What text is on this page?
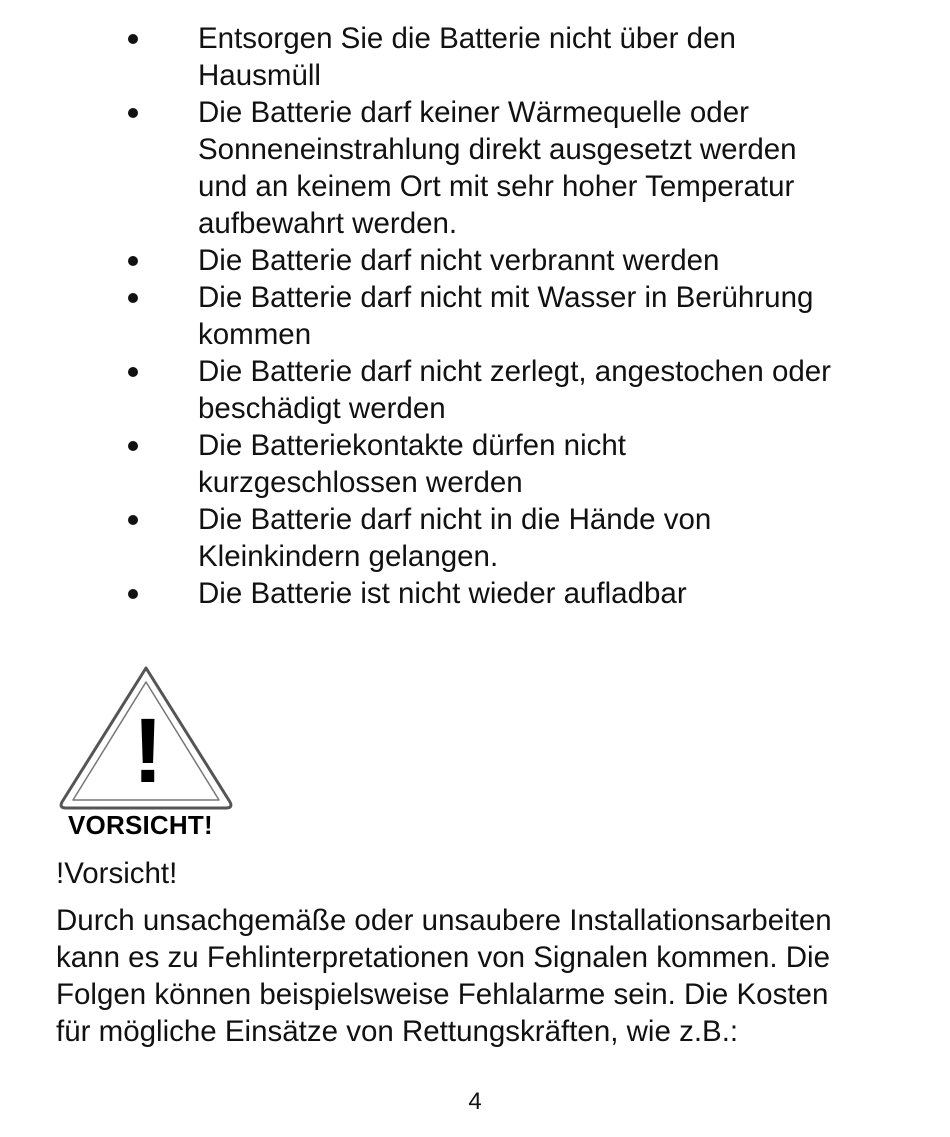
Entsorgen Sie die Batterie nicht über den
Hausmüll
Die Batterie darf keiner Wärmequelle oder
Sonneneinstrahlung direkt ausgesetzt werden
und an keinem Ort mit sehr hoher Temperatur
aufbewahrt werden.
Die Batterie darf nicht verbrannt werden
Die Batterie darf nicht mit Wasser in Berührung
kommen
Die Batterie darf nicht zerlegt, angestochen oder
beschädigt werden
Die Batteriekontakte dürfen nicht
kurzgeschlossen werden
Die Batterie darf nicht in die Hände von
Kleinkindern gelangen.
Die Batterie ist nicht wieder aufladbar
!
VORSICHT!
!Vorsicht!
Durch unsachgemäße oder unsaubere Installationsarbeiten
kann es zu Fehlinterpretationen von Signalen kommen. Die
Folgen können beispielsweise Fehlalarme sein. Die Kosten
für mögliche Einsätze von Rettungskräften, wie z.B.:
4
